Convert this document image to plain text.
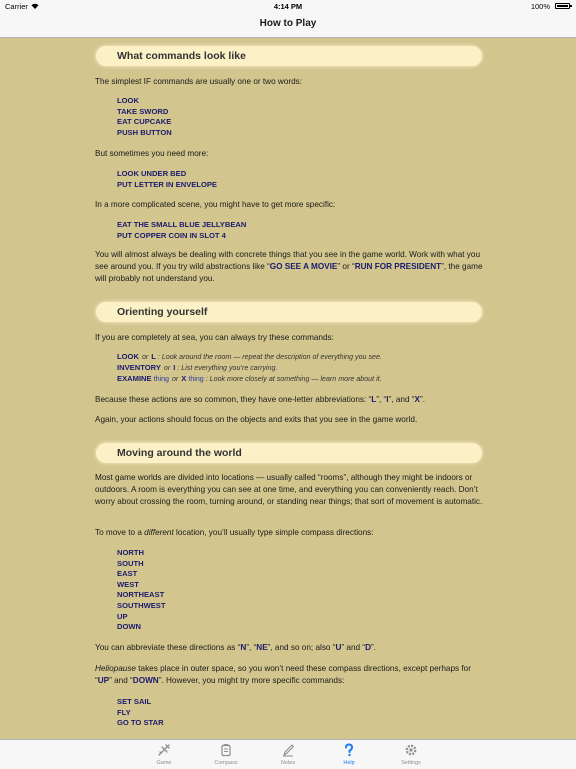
Carrier	4:14 PM	100%
How to Play
What commands look like

The simplest IF commands are usually one or two words:

LOOK
TAKE SWORD
EAT CUPCAKE
PUSH BUTTON

But sometimes you need more:

LOOK UNDER BED
PUT LETTER IN ENVELOPE

In a more complicated scene, you might have to get more specific:

EAT THE SMALL BLUE JELLYBEAN
PUT COPPER COIN IN SLOT 4

You will almost always be dealing with concrete things that you see in the game world. Work with what you see around you. If you try wild abstractions like “GO SEE A MOVIE” or “RUN FOR PRESIDENT”, the game will probably not understand you.

Orienting yourself

If you are completely at sea, you can always try these commands:

LOOK or L : Look around the room — repeat the description of everything you see.
INVENTORY or I : List everything you’re carrying.
EXAMINE thing or X thing : Look more closely at something — learn more about it.

Because these actions are so common, they have one-letter abbreviations: “L”, “I”, and “X”.

Again, your actions should focus on the objects and exits that you see in the game world.

Moving around the world

Most game worlds are divided into locations — usually called “rooms”, although they might be indoors or outdoors. A room is everything you can see at one time, and everything you can conveniently reach. Don’t worry about crossing the room, turning around, or standing near things; that sort of movement is automatic.

To move to a different location, you’ll usually type simple compass directions:

NORTH
SOUTH
EAST
WEST
NORTHEAST
SOUTHWEST
UP
DOWN

You can abbreviate these directions as “N”, “NE”, and so on; also “U” and “D”.

Heliopause takes place in outer space, so you won’t need these compass directions, except perhaps for “UP” and “DOWN”. However, you might try more specific commands:

SET SAIL
FLY
GO TO STAR
Game	Compass	Notes	Help	Settings
